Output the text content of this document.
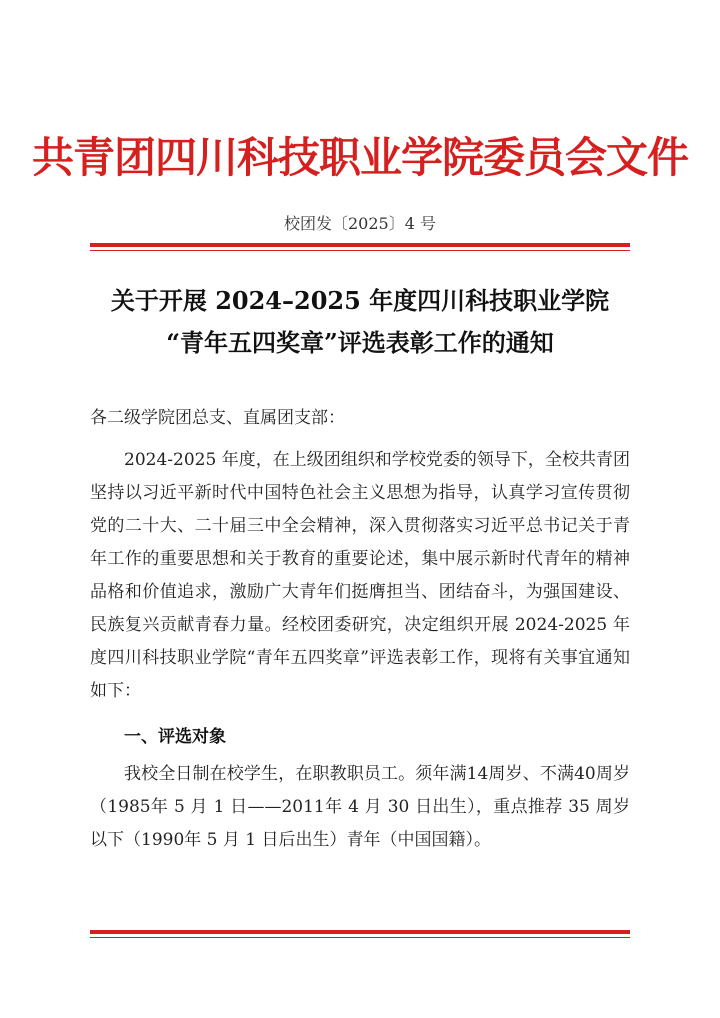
共青团四川科技职业学院委员会文件
校团发〔2025〕4 号
关于开展 2024–2025 年度四川科技职业学院
“青年五四奖章”评选表彰工作的通知
各二级学院团总支、直属团支部：
2024-2025 年度，在上级团组织和学校党委的领导下，全校共青团坚持以习近平新时代中国特色社会主义思想为指导，认真学习宣传贯彻党的二十大、二十届三中全会精神，深入贯彻落实习近平总书记关于青年工作的重要思想和关于教育的重要论述，集中展示新时代青年的精神品格和价值追求，激励广大青年们挺膺担当、团结奋斗，为强国建设、民族复兴贡献青春力量。经校团委研究，决定组织开展 2024-2025 年度四川科技职业学院“青年五四奖章”评选表彰工作，现将有关事宜通知如下：
一、评选对象
我校全日制在校学生，在职教职员工。须年满14周岁、不满40周岁（1985年 5 月 1 日——2011年 4 月 30 日出生），重点推荐 35 周岁以下（1990年 5 月 1 日后出生）青年（中国国籍）。
